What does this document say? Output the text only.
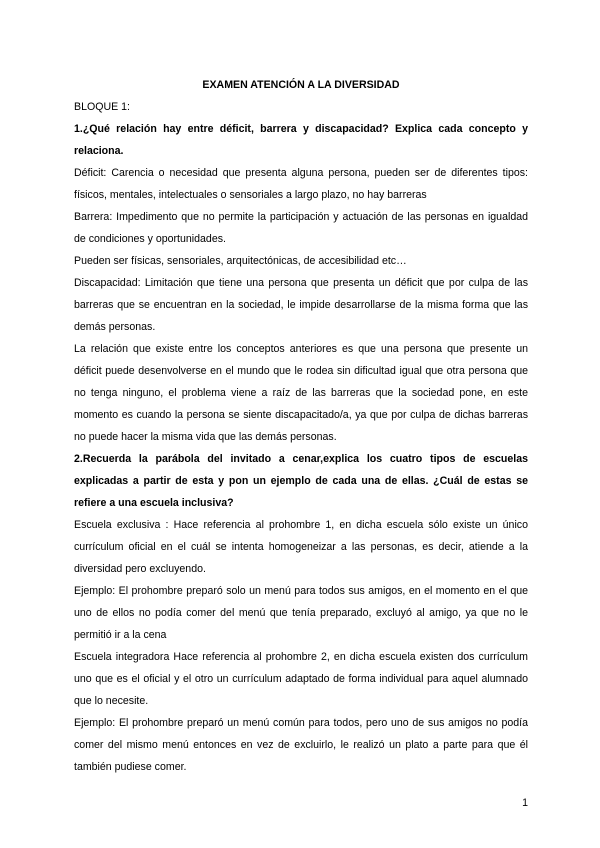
EXAMEN ATENCIÓN A LA DIVERSIDAD

BLOQUE 1:

1.¿Qué relación hay entre déficit, barrera y discapacidad? Explica cada concepto y relaciona.

Déficit: Carencia o necesidad que presenta alguna persona, pueden ser de diferentes tipos: físicos, mentales, intelectuales o sensoriales a largo plazo, no hay barreras

Barrera: Impedimento que no permite la participación y actuación de las personas en igualdad de condiciones y oportunidades.

Pueden ser físicas, sensoriales, arquitectónicas, de accesibilidad etc…

Discapacidad: Limitación que tiene una persona que presenta un déficit que por culpa de las barreras que se encuentran en la sociedad, le impide desarrollarse de la misma forma que las demás personas.

La relación que existe entre los conceptos anteriores es que una persona que presente un déficit puede desenvolverse en el mundo que le rodea sin dificultad igual que otra persona que no tenga ninguno, el problema viene a raíz de las barreras que la sociedad pone, en este momento es cuando la persona se siente discapacitado/a, ya que por culpa de dichas barreras no puede hacer la misma vida que las demás personas.

2.Recuerda la parábola del invitado a cenar,explica los cuatro tipos de escuelas explicadas a partir de esta y pon un ejemplo de cada una de ellas. ¿Cuál de estas se refiere a una escuela inclusiva?

Escuela exclusiva : Hace referencia al prohombre 1, en dicha escuela sólo existe un único currículum oficial en el cuál se intenta homogeneizar a las personas, es decir, atiende a la diversidad pero excluyendo.

Ejemplo: El prohombre preparó solo un menú para todos sus amigos, en el momento en el que uno de ellos no podía comer del menú que tenía preparado, excluyó al amigo, ya que no le permitió ir a la cena

Escuela integradora Hace referencia al prohombre 2, en dicha escuela existen dos currículum uno que es el oficial y el otro un currículum adaptado de forma individual para aquel alumnado que lo necesite.

Ejemplo: El prohombre preparó un menú común para todos, pero uno de sus amigos no podía comer del mismo menú entonces en vez de excluirlo, le realizó un plato a parte para que él también pudiese comer.

1
